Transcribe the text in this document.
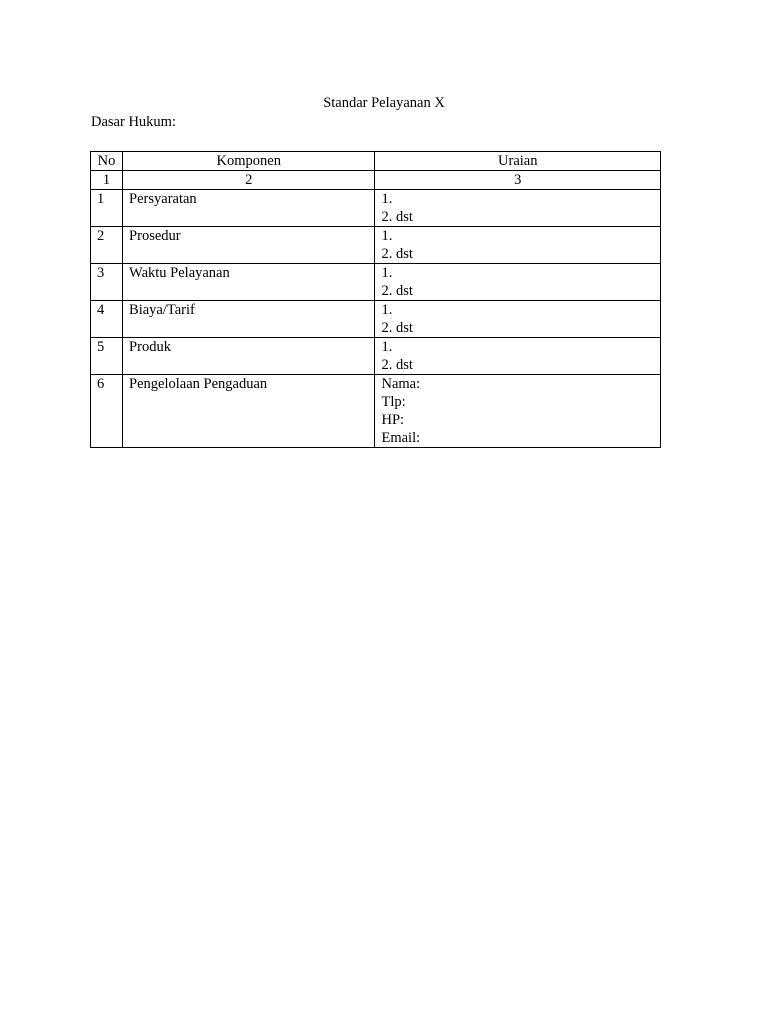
Standar Pelayanan X

Dasar Hukum:

No	Komponen	Uraian
1	2	3
1	Persyaratan	1.
2. dst

2	Prosedur	1.
2. dst

3	Waktu Pelayanan	1.
2. dst

4	Biaya/Tarif	1.
2. dst

5	Produk	1.
2. dst

6	Pengelolaan Pengaduan	Nama:
Tlp:
HP:
Email:
